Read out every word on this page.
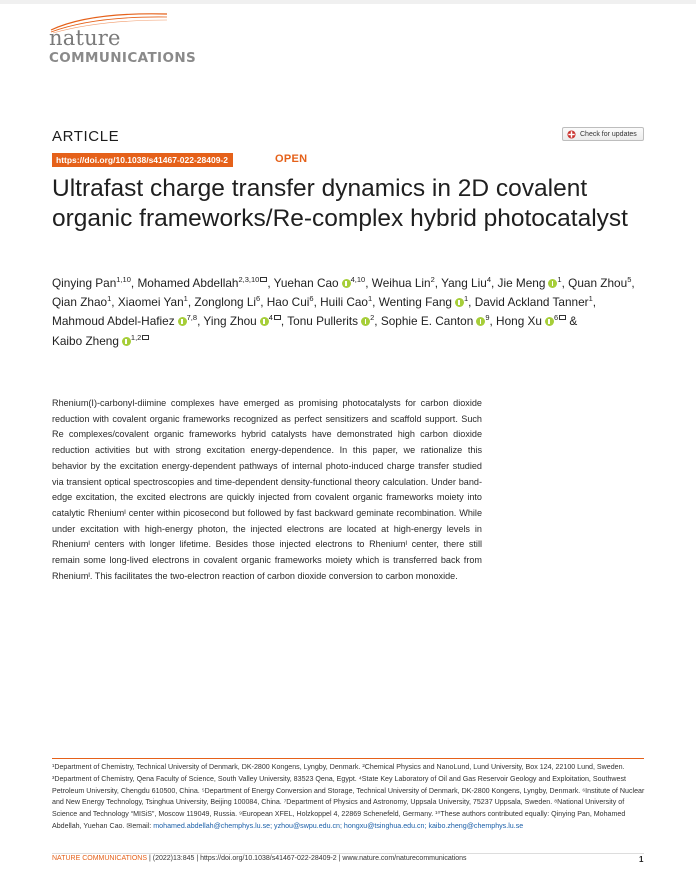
nature
COMMUNICATIONS
ARTICLE	Check for updates
https://doi.org/10.1038/s41467-022-28409-2	OPEN
Ultrafast charge transfer dynamics in 2D covalent organic frameworks/Re-complex hybrid photocatalyst
Qinying Pan$^{1,10}$, Mohamed Abdellah$^{2,3,10}$ , Yuehan Cao $^{4,10}$, Weihua Lin$^2$, Yang Liu$^4$, Jie Meng $^1$, Quan Zhou$^5$, Qian Zhao$^1$, Xiaomei Yan$^1$, Zonglong Li$^6$, Hao Cui$^6$, Huili Cao$^1$, Wenting Fang $^1$, David Ackland Tanner$^1$, Mahmoud Abdel-Hafiez $^{7,8}$, Ying Zhou $^4$ , Tonu Pullerits $^2$, Sophie E. Canton $^9$, Hong Xu $^6$ & Kaibo Zheng $^{1,2}$

Rhenium(I)-carbonyl-diimine complexes have emerged as promising photocatalysts for carbon dioxide reduction with covalent organic frameworks recognized as perfect sensitizers and scaffold support. Such Re complexes/covalent organic frameworks hybrid catalysts have demonstrated high carbon dioxide reduction activities but with strong excitation energy-dependence. In this paper, we rationalize this behavior by the excitation energy-dependent pathways of internal photo-induced charge transfer studied via transient optical spectroscopies and time-dependent density-functional theory calculation. Under band-edge excitation, the excited electrons are quickly injected from covalent organic frameworks moiety into catalytic Rheniumᴵ center within picosecond but followed by fast backward geminate recombination. While under excitation with high-energy photon, the injected electrons are located at high-energy levels in Rheniumᴵ centers with longer lifetime. Besides those injected electrons to Rheniumᴵ center, there still remain some long-lived electrons in covalent organic frameworks moiety which is transferred back from Rheniumᴵ. This facilitates the two-electron reaction of carbon dioxide conversion to carbon monoxide.

¹Department of Chemistry, Technical University of Denmark, DK-2800 Kongens, Lyngby, Denmark. ²Chemical Physics and NanoLund, Lund University, Box 124, 22100 Lund, Sweden. ³Department of Chemistry, Qena Faculty of Science, South Valley University, 83523 Qena, Egypt. ⁴State Key Laboratory of Oil and Gas Reservoir Geology and Exploitation, Southwest Petroleum University, Chengdu 610500, China. ⁵Department of Energy Conversion and Storage, Technical University of Denmark, DK-2800 Kongens, Lyngby, Denmark. ⁶Institute of Nuclear and New Energy Technology, Tsinghua University, Beijing 100084, China. ⁷Department of Physics and Astronomy, Uppsala University, 75237 Uppsala, Sweden. ⁸National University of Science and Technology “MISiS”, Moscow 119049, Russia. ⁹European XFEL, Holzkoppel 4, 22869 Schenefeld, Germany. ¹⁰These authors contributed equally: Qinying Pan, Mohamed Abdellah, Yuehan Cao. ✉email: mohamed.abdellah@chemphys.lu.se; yzhou@swpu.edu.cn; hongxu@tsinghua.edu.cn; kaibo.zheng@chemphys.lu.se

NATURE COMMUNICATIONS | (2022)13:845 | https://doi.org/10.1038/s41467-022-28409-2 | www.nature.com/naturecommunications	1
